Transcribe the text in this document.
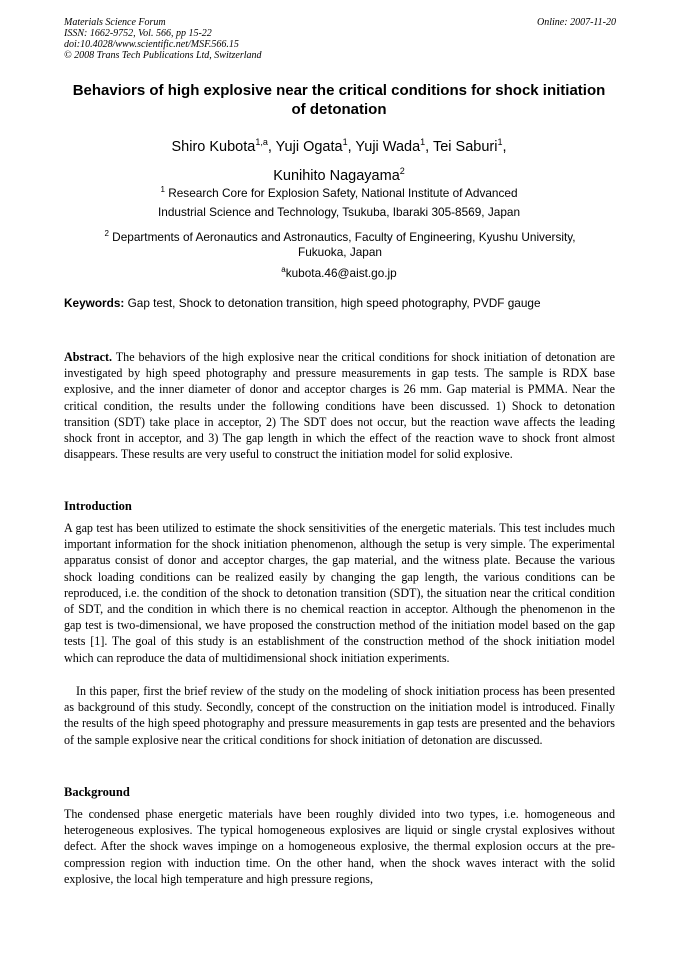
Materials Science Forum
ISSN: 1662-9752, Vol. 566, pp 15-22
doi:10.4028/www.scientific.net/MSF.566.15
© 2008 Trans Tech Publications Ltd, Switzerland
Online: 2007-11-20
Behaviors of high explosive near the critical conditions for shock initiation of detonation
Shiro Kubota$^{1,a}$, Yuji Ogata$^1$, Yuji Wada$^1$, Tei Saburi$^1$,
Kunihito Nagayama$^2$
$^1$ Research Core for Explosion Safety, National Institute of Advanced
Industrial Science and Technology, Tsukuba, Ibaraki 305-8569, Japan
$^2$ Departments of Aeronautics and Astronautics, Faculty of Engineering, Kyushu University, Fukuoka, Japan
$^a$kubota.46@aist.go.jp
Keywords: Gap test, Shock to detonation transition, high speed photography, PVDF gauge
Abstract. The behaviors of the high explosive near the critical conditions for shock initiation of detonation are investigated by high speed photography and pressure measurements in gap tests. The sample is RDX base explosive, and the inner diameter of donor and acceptor charges is 26 mm. Gap material is PMMA. Near the critical condition, the results under the following conditions have been discussed. 1) Shock to detonation transition (SDT) take place in acceptor, 2) The SDT does not occur, but the reaction wave affects the leading shock front in acceptor, and 3) The gap length in which the effect of the reaction wave to shock front almost disappears. These results are very useful to construct the initiation model for solid explosive.
Introduction
A gap test has been utilized to estimate the shock sensitivities of the energetic materials. This test includes much important information for the shock initiation phenomenon, although the setup is very simple. The experimental apparatus consist of donor and acceptor charges, the gap material, and the witness plate. Because the various shock loading conditions can be realized easily by changing the gap length, the various conditions can be reproduced, i.e. the condition of the shock to detonation transition (SDT), the situation near the critical condition of SDT, and the condition in which there is no chemical reaction in acceptor. Although the phenomenon in the gap test is two-dimensional, we have proposed the construction method of the initiation model based on the gap tests [1]. The goal of this study is an establishment of the construction method of the shock initiation model which can reproduce the data of multidimensional shock initiation experiments.
In this paper, first the brief review of the study on the modeling of shock initiation process has been presented as background of this study. Secondly, concept of the construction on the initiation model is introduced. Finally the results of the high speed photography and pressure measurements in gap tests are presented and the behaviors of the sample explosive near the critical conditions for shock initiation of detonation are discussed.
Background
The condensed phase energetic materials have been roughly divided into two types, i.e. homogeneous and heterogeneous explosives. The typical homogeneous explosives are liquid or single crystal explosives without defect. After the shock waves impinge on a homogeneous explosive, the thermal explosion occurs at the pre-compression region with induction time. On the other hand, when the shock waves interact with the solid explosive, the local high temperature and high pressure regions,
